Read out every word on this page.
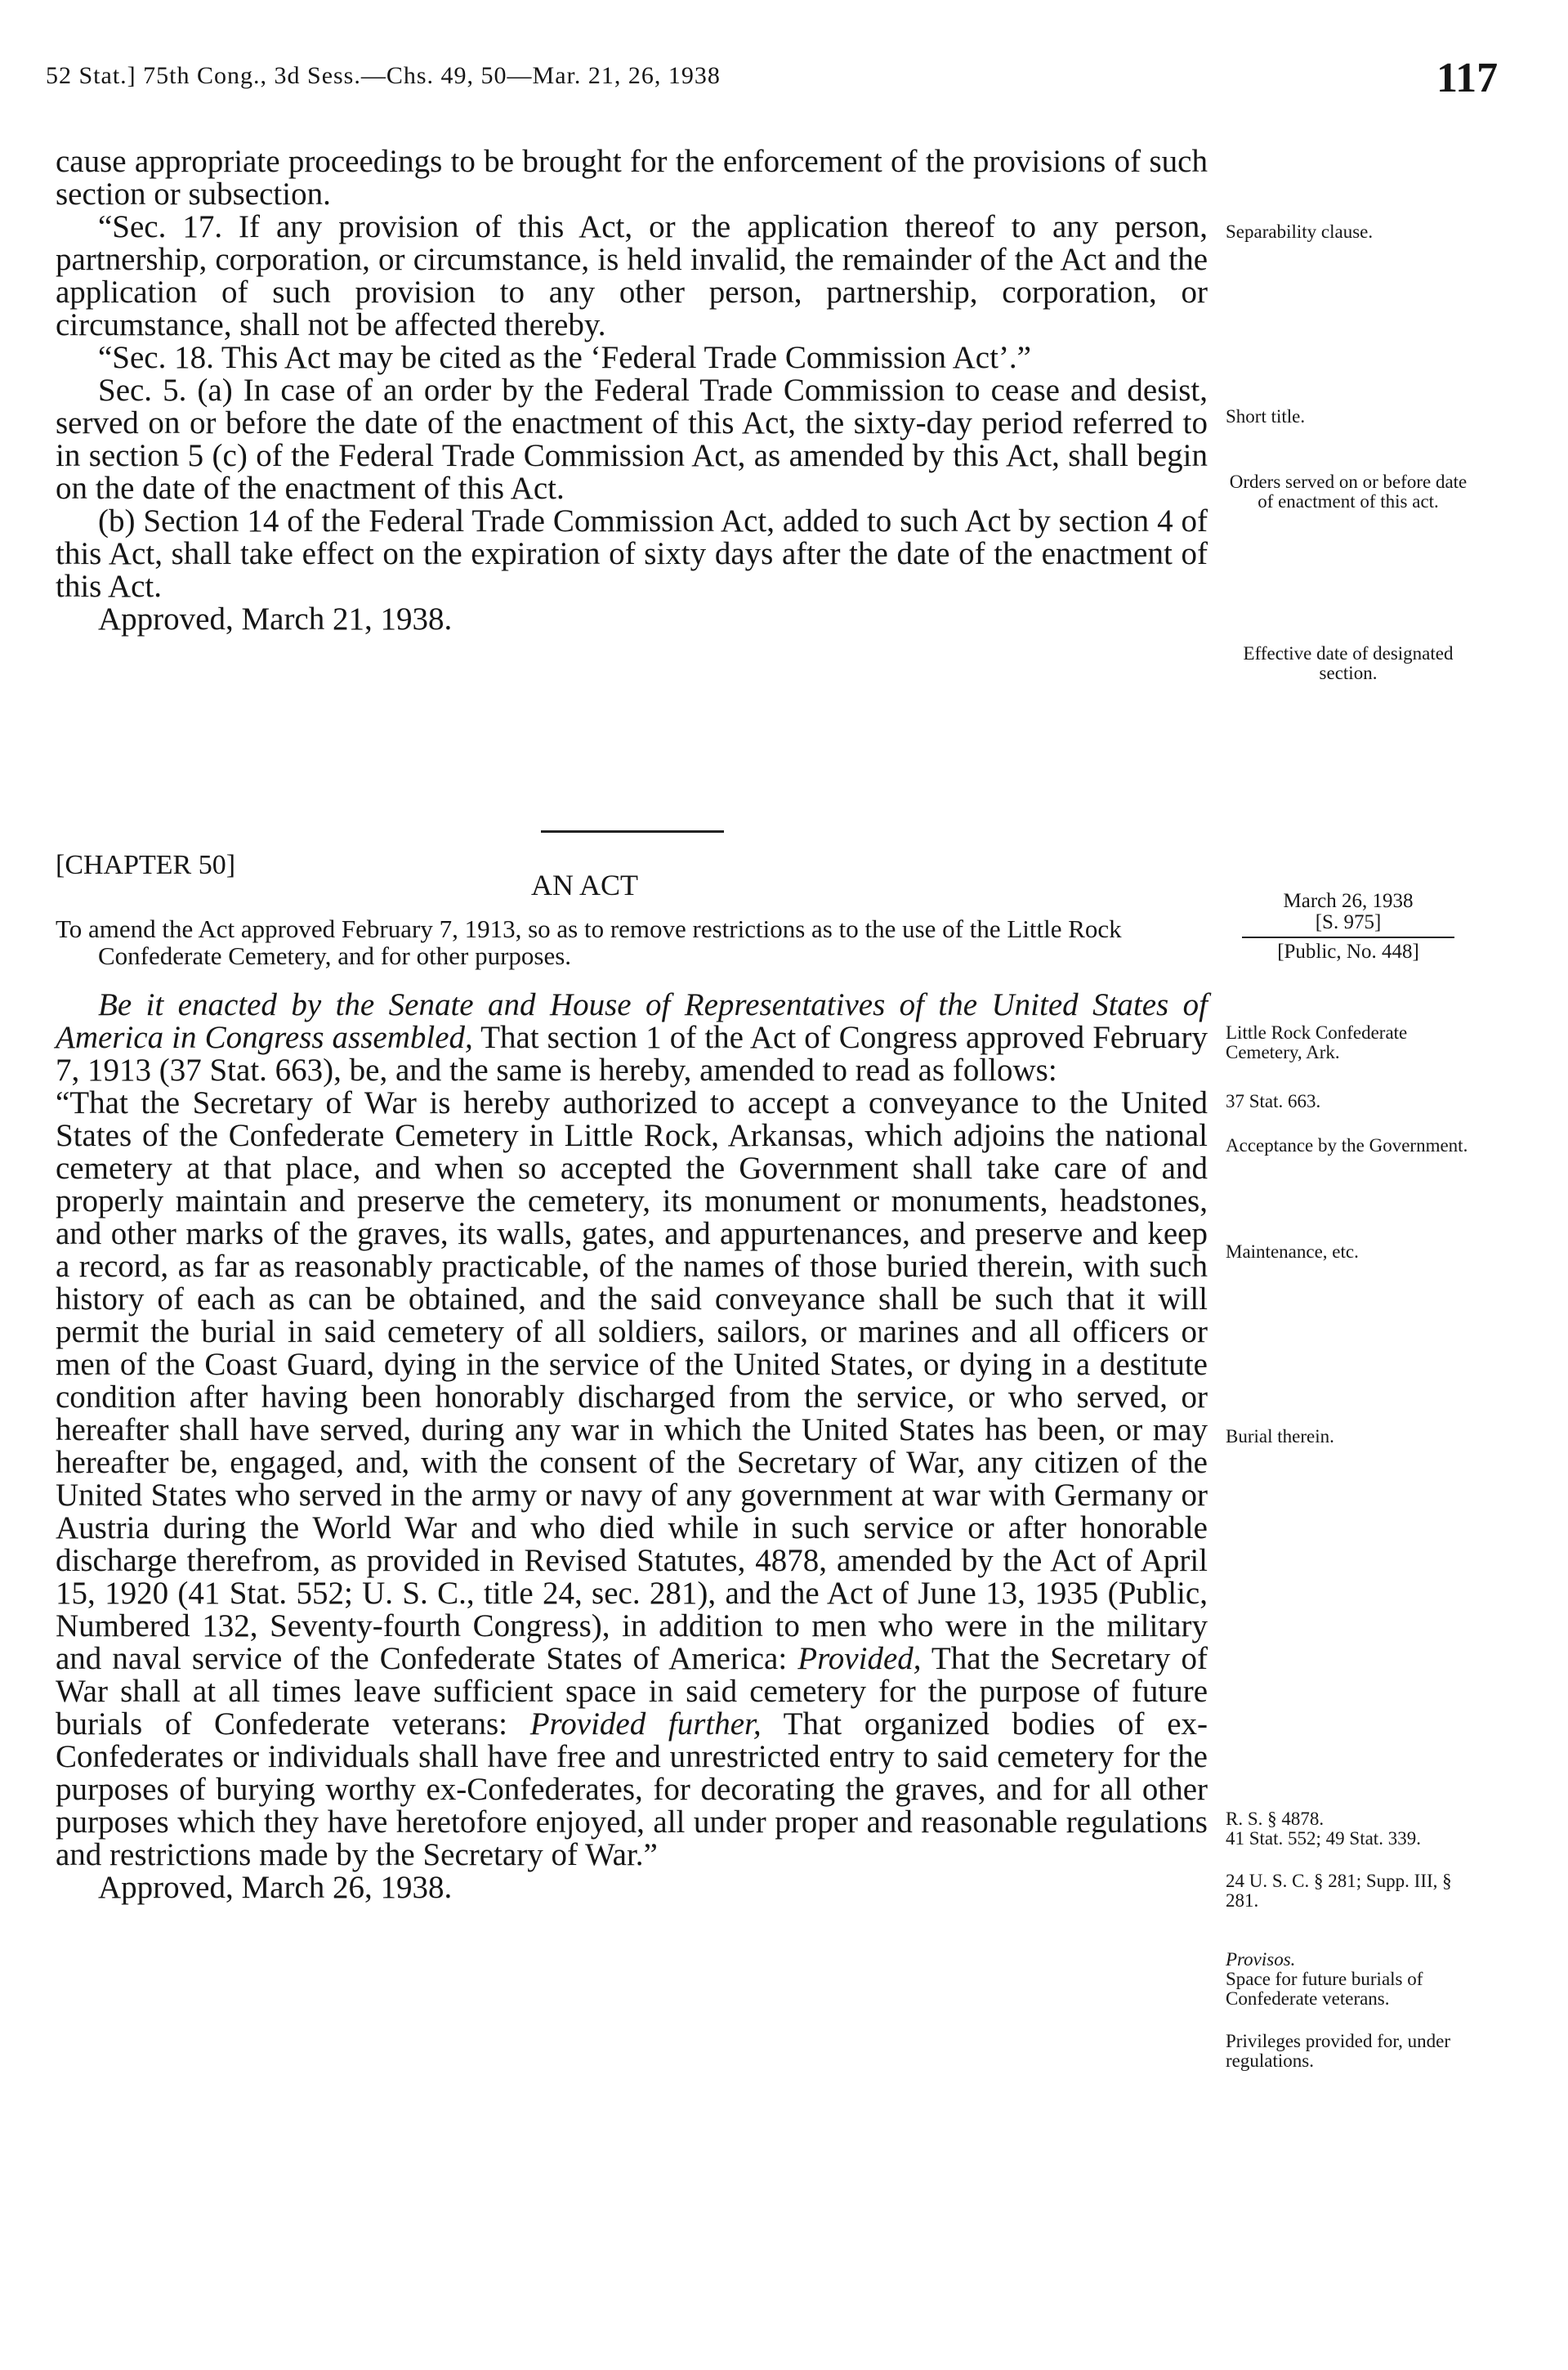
52 Stat.] 75th Cong., 3d Sess.—Chs. 49, 50—Mar. 21, 26, 1938	117

cause appropriate proceedings to be brought for the enforcement of the provisions of such section or subsection.

“Sec. 17. If any provision of this Act, or the application thereof to any person, partnership, corporation, or circumstance, is held invalid, the remainder of the Act and the application of such provision to any other person, partnership, corporation, or circumstance, shall not be affected thereby.

“Sec. 18. This Act may be cited as the ‘Federal Trade Commission Act’.”

Sec. 5. (a) In case of an order by the Federal Trade Commission to cease and desist, served on or before the date of the enactment of this Act, the sixty-day period referred to in section 5 (c) of the Federal Trade Commission Act, as amended by this Act, shall begin on the date of the enactment of this Act.

(b) Section 14 of the Federal Trade Commission Act, added to such Act by section 4 of this Act, shall take effect on the expiration of sixty days after the date of the enactment of this Act.

Approved, March 21, 1938.

Separability clause.
Short title.
Orders served on or before date of enactment of this act.
Effective date of designated section.
[CHAPTER 50]
AN ACT
To amend the Act approved February 7, 1913, so as to remove restrictions as to the use of the Little Rock Confederate Cemetery, and for other purposes.
March 26, 1938
[S. 975]
[Public, No. 448]

Be it enacted by the Senate and House of Representatives of the United States of America in Congress assembled, That section 1 of the Act of Congress approved February 7, 1913 (37 Stat. 663), be, and the same is hereby, amended to read as follows:

“That the Secretary of War is hereby authorized to accept a conveyance to the United States of the Confederate Cemetery in Little Rock, Arkansas, which adjoins the national cemetery at that place, and when so accepted the Government shall take care of and properly maintain and preserve the cemetery, its monument or monuments, headstones, and other marks of the graves, its walls, gates, and appurtenances, and preserve and keep a record, as far as reasonably practicable, of the names of those buried therein, with such history of each as can be obtained, and the said conveyance shall be such that it will permit the burial in said cemetery of all soldiers, sailors, or marines and all officers or men of the Coast Guard, dying in the service of the United States, or dying in a destitute condition after having been honorably discharged from the service, or who served, or hereafter shall have served, during any war in which the United States has been, or may hereafter be, engaged, and, with the consent of the Secretary of War, any citizen of the United States who served in the army or navy of any government at war with Germany or Austria during the World War and who died while in such service or after honorable discharge therefrom, as provided in Revised Statutes, 4878, amended by the Act of April 15, 1920 (41 Stat. 552; U. S. C., title 24, sec. 281), and the Act of June 13, 1935 (Public, Numbered 132, Seventy-fourth Congress), in addition to men who were in the military and naval service of the Confederate States of America: Provided, That the Secretary of War shall at all times leave sufficient space in said cemetery for the purpose of future burials of Confederate veterans: Provided further, That organized bodies of ex-Confederates or individuals shall have free and unrestricted entry to said cemetery for the purposes of burying worthy ex-Confederates, for decorating the graves, and for all other purposes which they have heretofore enjoyed, all under proper and reasonable regulations and restrictions made by the Secretary of War.”

Approved, March 26, 1938.

Little Rock Confederate Cemetery, Ark.
37 Stat. 663.
Acceptance by the Government.
Maintenance, etc.
Burial therein.
R. S. § 4878.
41 Stat. 552; 49 Stat. 339.
24 U. S. C. § 281; Supp. III, § 281.
Provisos.
Space for future burials of Confederate veterans.
Privileges provided for, under regulations.
